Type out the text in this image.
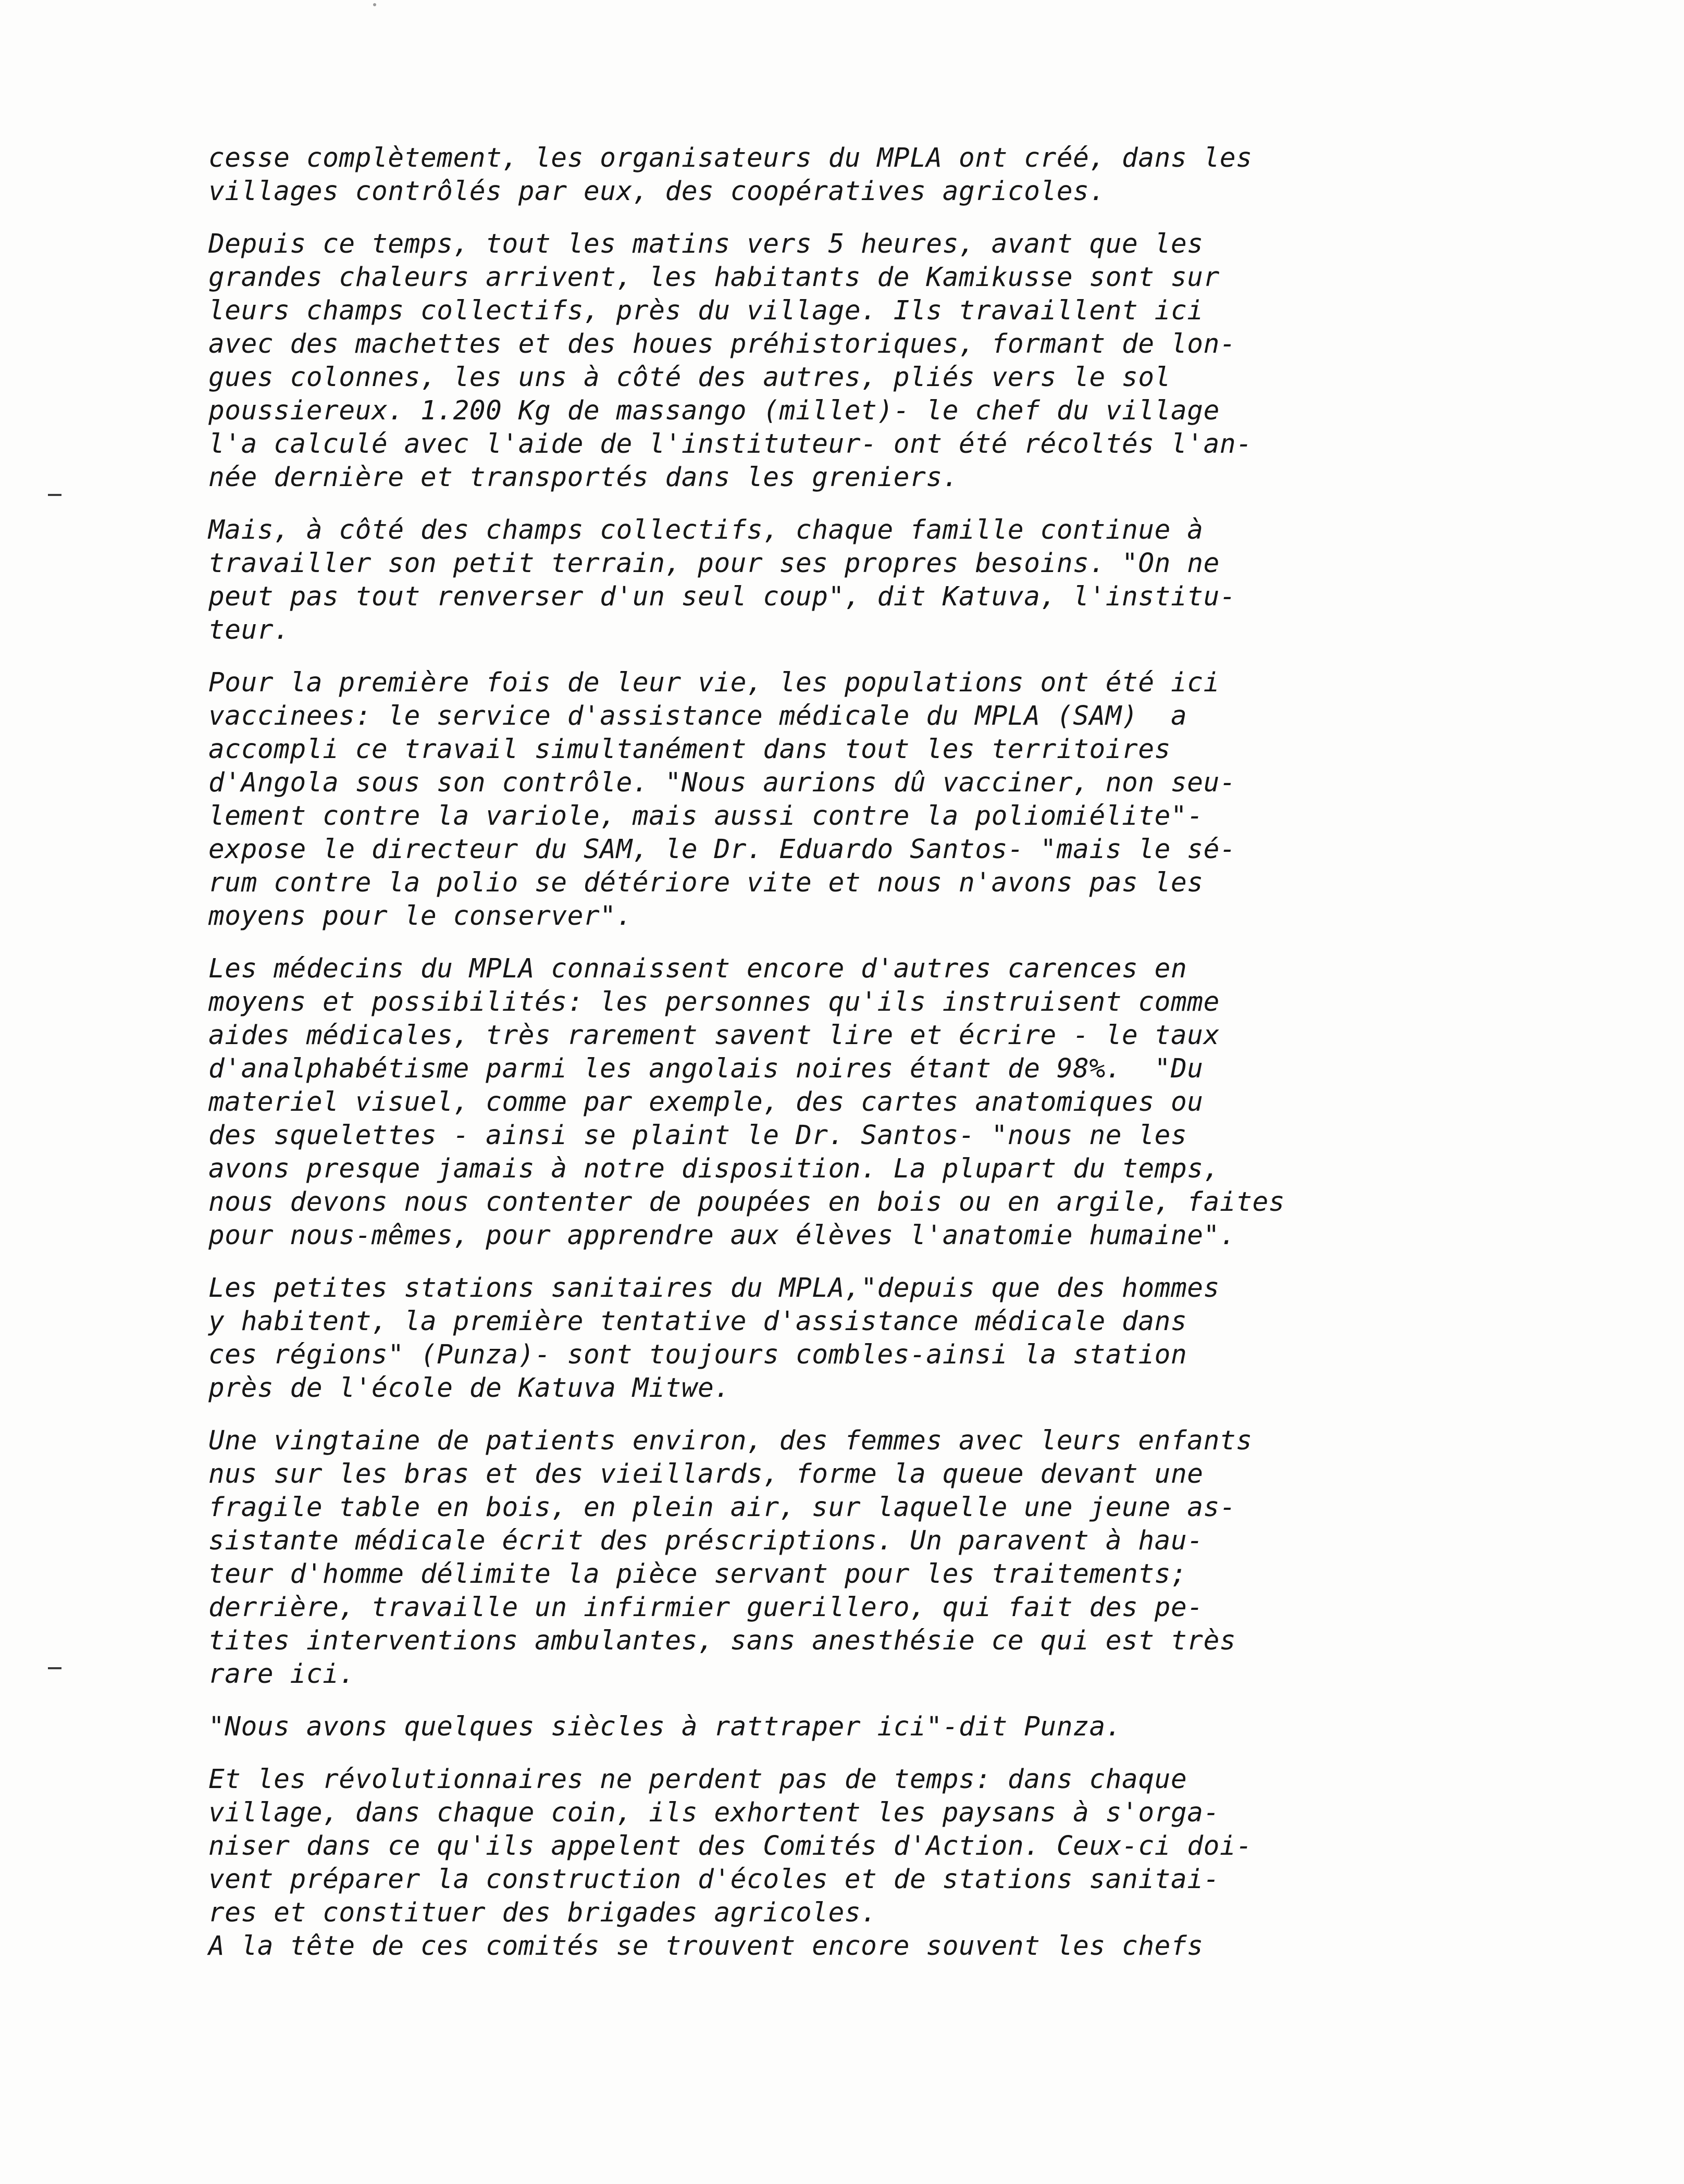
cesse complètement, les organisateurs du MPLA ont créé, dans les
villages contrôlés par eux, des coopératives agricoles.
Depuis ce temps, tout les matins vers 5 heures, avant que les
grandes chaleurs arrivent, les habitants de Kamikusse sont sur
leurs champs collectifs, près du village. Ils travaillent ici
avec des machettes et des houes préhistoriques, formant de lon-
gues colonnes, les uns à côté des autres, pliés vers le sol
poussiereux. 1.200 Kg de massango (millet)- le chef du village
l'a calculé avec l'aide de l'instituteur- ont été récoltés l'an-
née dernière et transportés dans les greniers.
Mais, à côté des champs collectifs, chaque famille continue à
travailler son petit terrain, pour ses propres besoins. "On ne
peut pas tout renverser d'un seul coup", dit Katuva, l'institu-
teur.
Pour la première fois de leur vie, les populations ont été ici
vaccinees: le service d'assistance médicale du MPLA (SAM)  a
accompli ce travail simultanément dans tout les territoires
d'Angola sous son contrôle. "Nous aurions dû vacciner, non seu-
lement contre la variole, mais aussi contre la poliomiélite"-
expose le directeur du SAM, le Dr. Eduardo Santos- "mais le sé-
rum contre la polio se détériore vite et nous n'avons pas les
moyens pour le conserver".
Les médecins du MPLA connaissent encore d'autres carences en
moyens et possibilités: les personnes qu'ils instruisent comme
aides médicales, très rarement savent lire et écrire - le taux
d'analphabétisme parmi les angolais noires étant de 98%.  "Du
materiel visuel, comme par exemple, des cartes anatomiques ou
des squelettes - ainsi se plaint le Dr. Santos- "nous ne les
avons presque jamais à notre disposition. La plupart du temps,
nous devons nous contenter de poupées en bois ou en argile, faites
pour nous-mêmes, pour apprendre aux élèves l'anatomie humaine".
Les petites stations sanitaires du MPLA,"depuis que des hommes
y habitent, la première tentative d'assistance médicale dans
ces régions" (Punza)- sont toujours combles-ainsi la station
près de l'école de Katuva Mitwe.
Une vingtaine de patients environ, des femmes avec leurs enfants
nus sur les bras et des vieillards, forme la queue devant une
fragile table en bois, en plein air, sur laquelle une jeune as-
sistante médicale écrit des préscriptions. Un paravent à hau-
teur d'homme délimite la pièce servant pour les traitements;
derrière, travaille un infirmier guerillero, qui fait des pe-
tites interventions ambulantes, sans anesthésie ce qui est très
rare ici.
"Nous avons quelques siècles à rattraper ici"-dit Punza.
Et les révolutionnaires ne perdent pas de temps: dans chaque
village, dans chaque coin, ils exhortent les paysans à s'orga-
niser dans ce qu'ils appelent des Comités d'Action. Ceux-ci doi-
vent préparer la construction d'écoles et de stations sanitai-
res et constituer des brigades agricoles.
A la tête de ces comités se trouvent encore souvent les chefs
